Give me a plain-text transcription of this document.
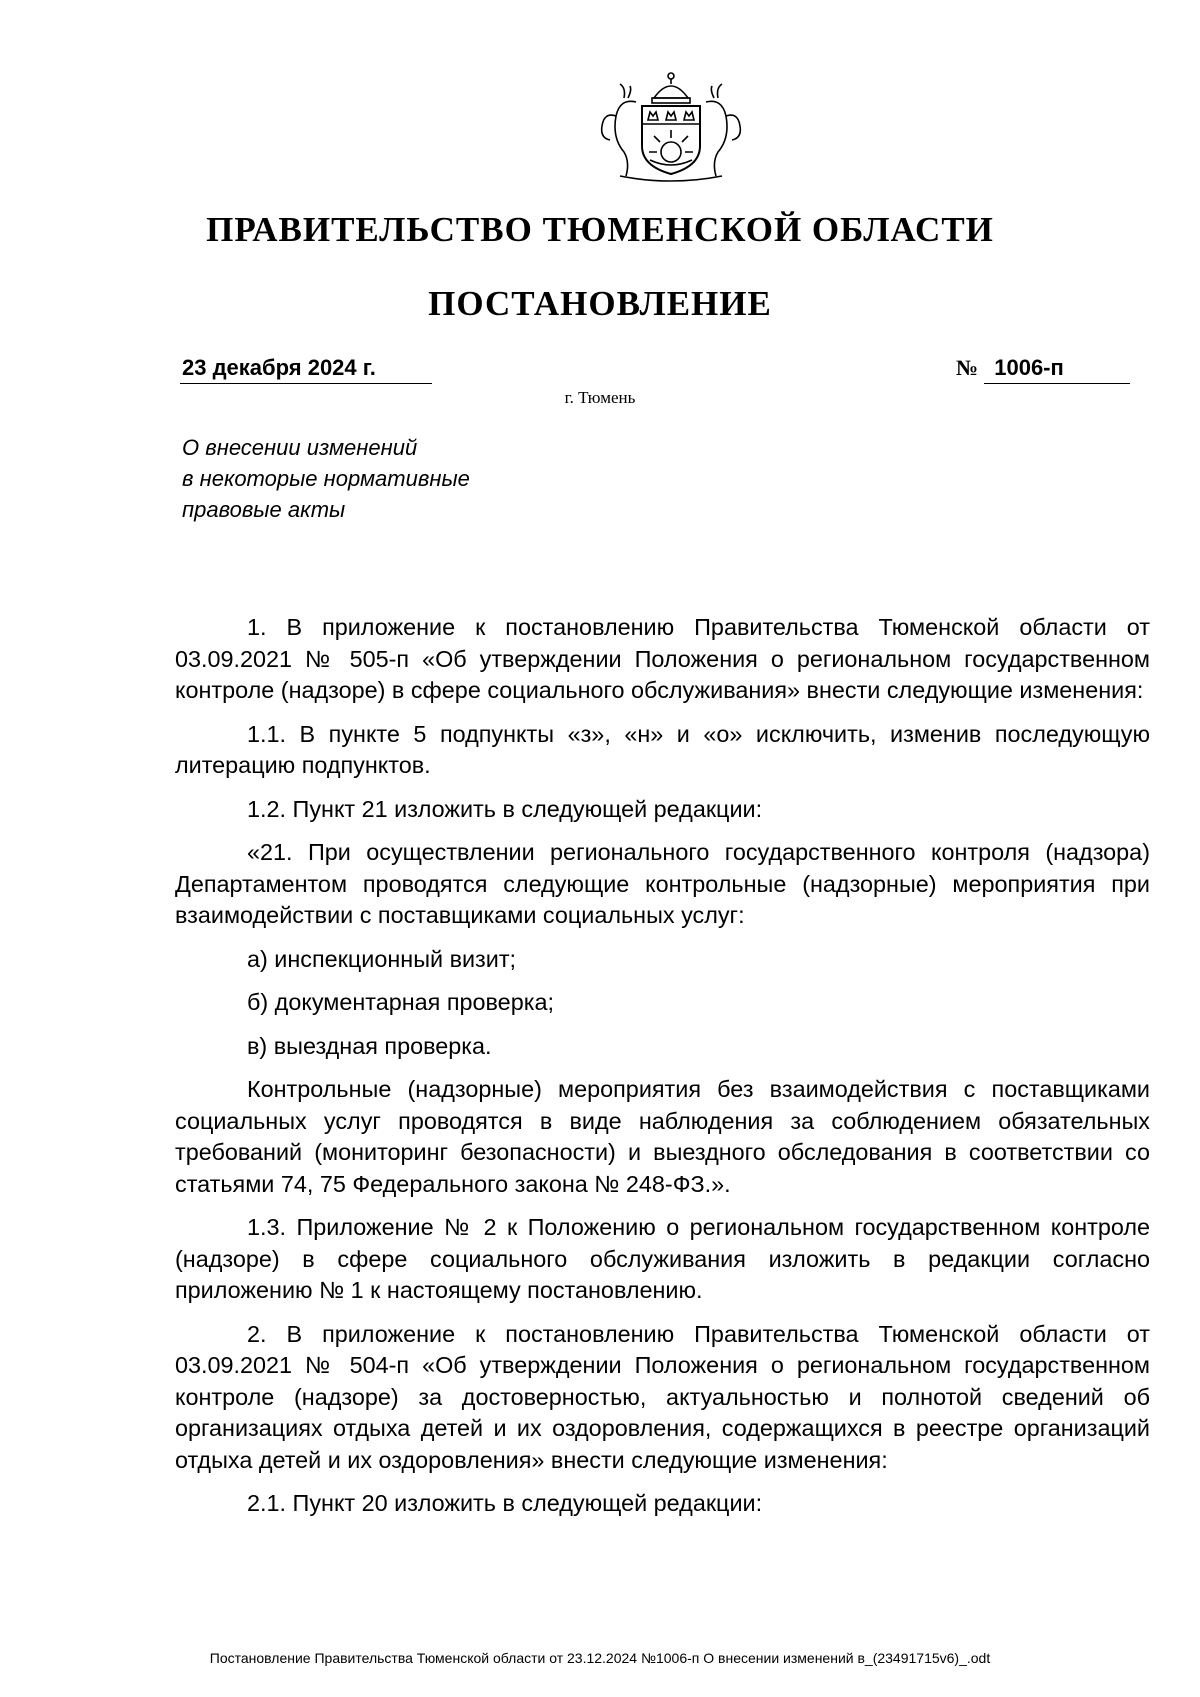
ПРАВИТЕЛЬСТВО ТЮМЕНСКОЙ ОБЛАСТИ
ПОСТАНОВЛЕНИЕ
23 декабря 2024 г.	№ 1006-п
г. Тюмень
О внесении изменений
в некоторые нормативные
правовые акты

1. В приложение к постановлению Правительства Тюменской области от 03.09.2021 № 505-п «Об утверждении Положения о региональном государственном контроле (надзоре) в сфере социального обслуживания» внести следующие изменения:

1.1. В пункте 5 подпункты «з», «н» и «о» исключить, изменив последующую литерацию подпунктов.

1.2. Пункт 21 изложить в следующей редакции:

«21. При осуществлении регионального государственного контроля (надзора) Департаментом проводятся следующие контрольные (надзорные) мероприятия при взаимодействии с поставщиками социальных услуг:

а) инспекционный визит;

б) документарная проверка;

в) выездная проверка.

Контрольные (надзорные) мероприятия без взаимодействия с поставщиками социальных услуг проводятся в виде наблюдения за соблюдением обязательных требований (мониторинг безопасности) и выездного обследования в соответствии со статьями 74, 75 Федерального закона № 248-ФЗ.».

1.3. Приложение № 2 к Положению о региональном государственном контроле (надзоре) в сфере социального обслуживания изложить в редакции согласно приложению № 1 к настоящему постановлению.

2. В приложение к постановлению Правительства Тюменской области от 03.09.2021 № 504-п «Об утверждении Положения о региональном государственном контроле (надзоре) за достоверностью, актуальностью и полнотой сведений об организациях отдыха детей и их оздоровления, содержащихся в реестре организаций отдыха детей и их оздоровления» внести следующие изменения:

2.1. Пункт 20 изложить в следующей редакции:

Постановление Правительства Тюменской области от 23.12.2024 №1006-п О внесении изменений в_(23491715v6)_.odt
